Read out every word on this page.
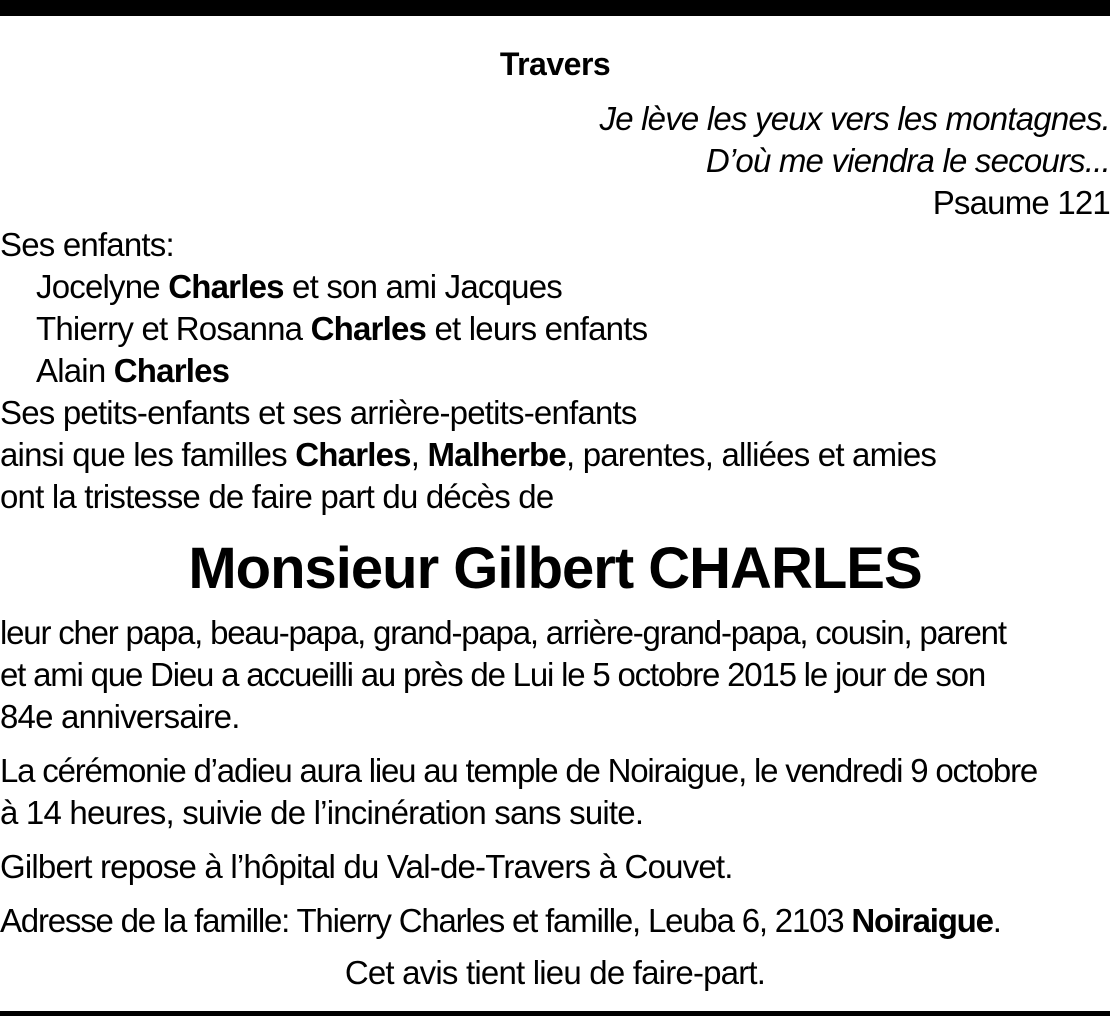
Travers
Je lève les yeux vers les montagnes.
D’où me viendra le secours...
Psaume 121
Ses enfants:
Jocelyne Charles et son ami Jacques
Thierry et Rosanna Charles et leurs enfants
Alain Charles
Ses petits-enfants et ses arrière-petits-enfants
ainsi que les familles Charles, Malherbe, parentes, alliées et amies
ont la tristesse de faire part du décès de
Monsieur Gilbert CHARLES
leur cher papa, beau-papa, grand-papa, arrière-grand-papa, cousin, parent
et ami que Dieu a accueilli au près de Lui le 5 octobre 2015 le jour de son
84e anniversaire.
La cérémonie d’adieu aura lieu au temple de Noiraigue, le vendredi 9 octobre
à 14 heures, suivie de l’incinération sans suite.
Gilbert repose à l’hôpital du Val-de-Travers à Couvet.
Adresse de la famille: Thierry Charles et famille, Leuba 6, 2103 Noiraigue.
Cet avis tient lieu de faire-part.
